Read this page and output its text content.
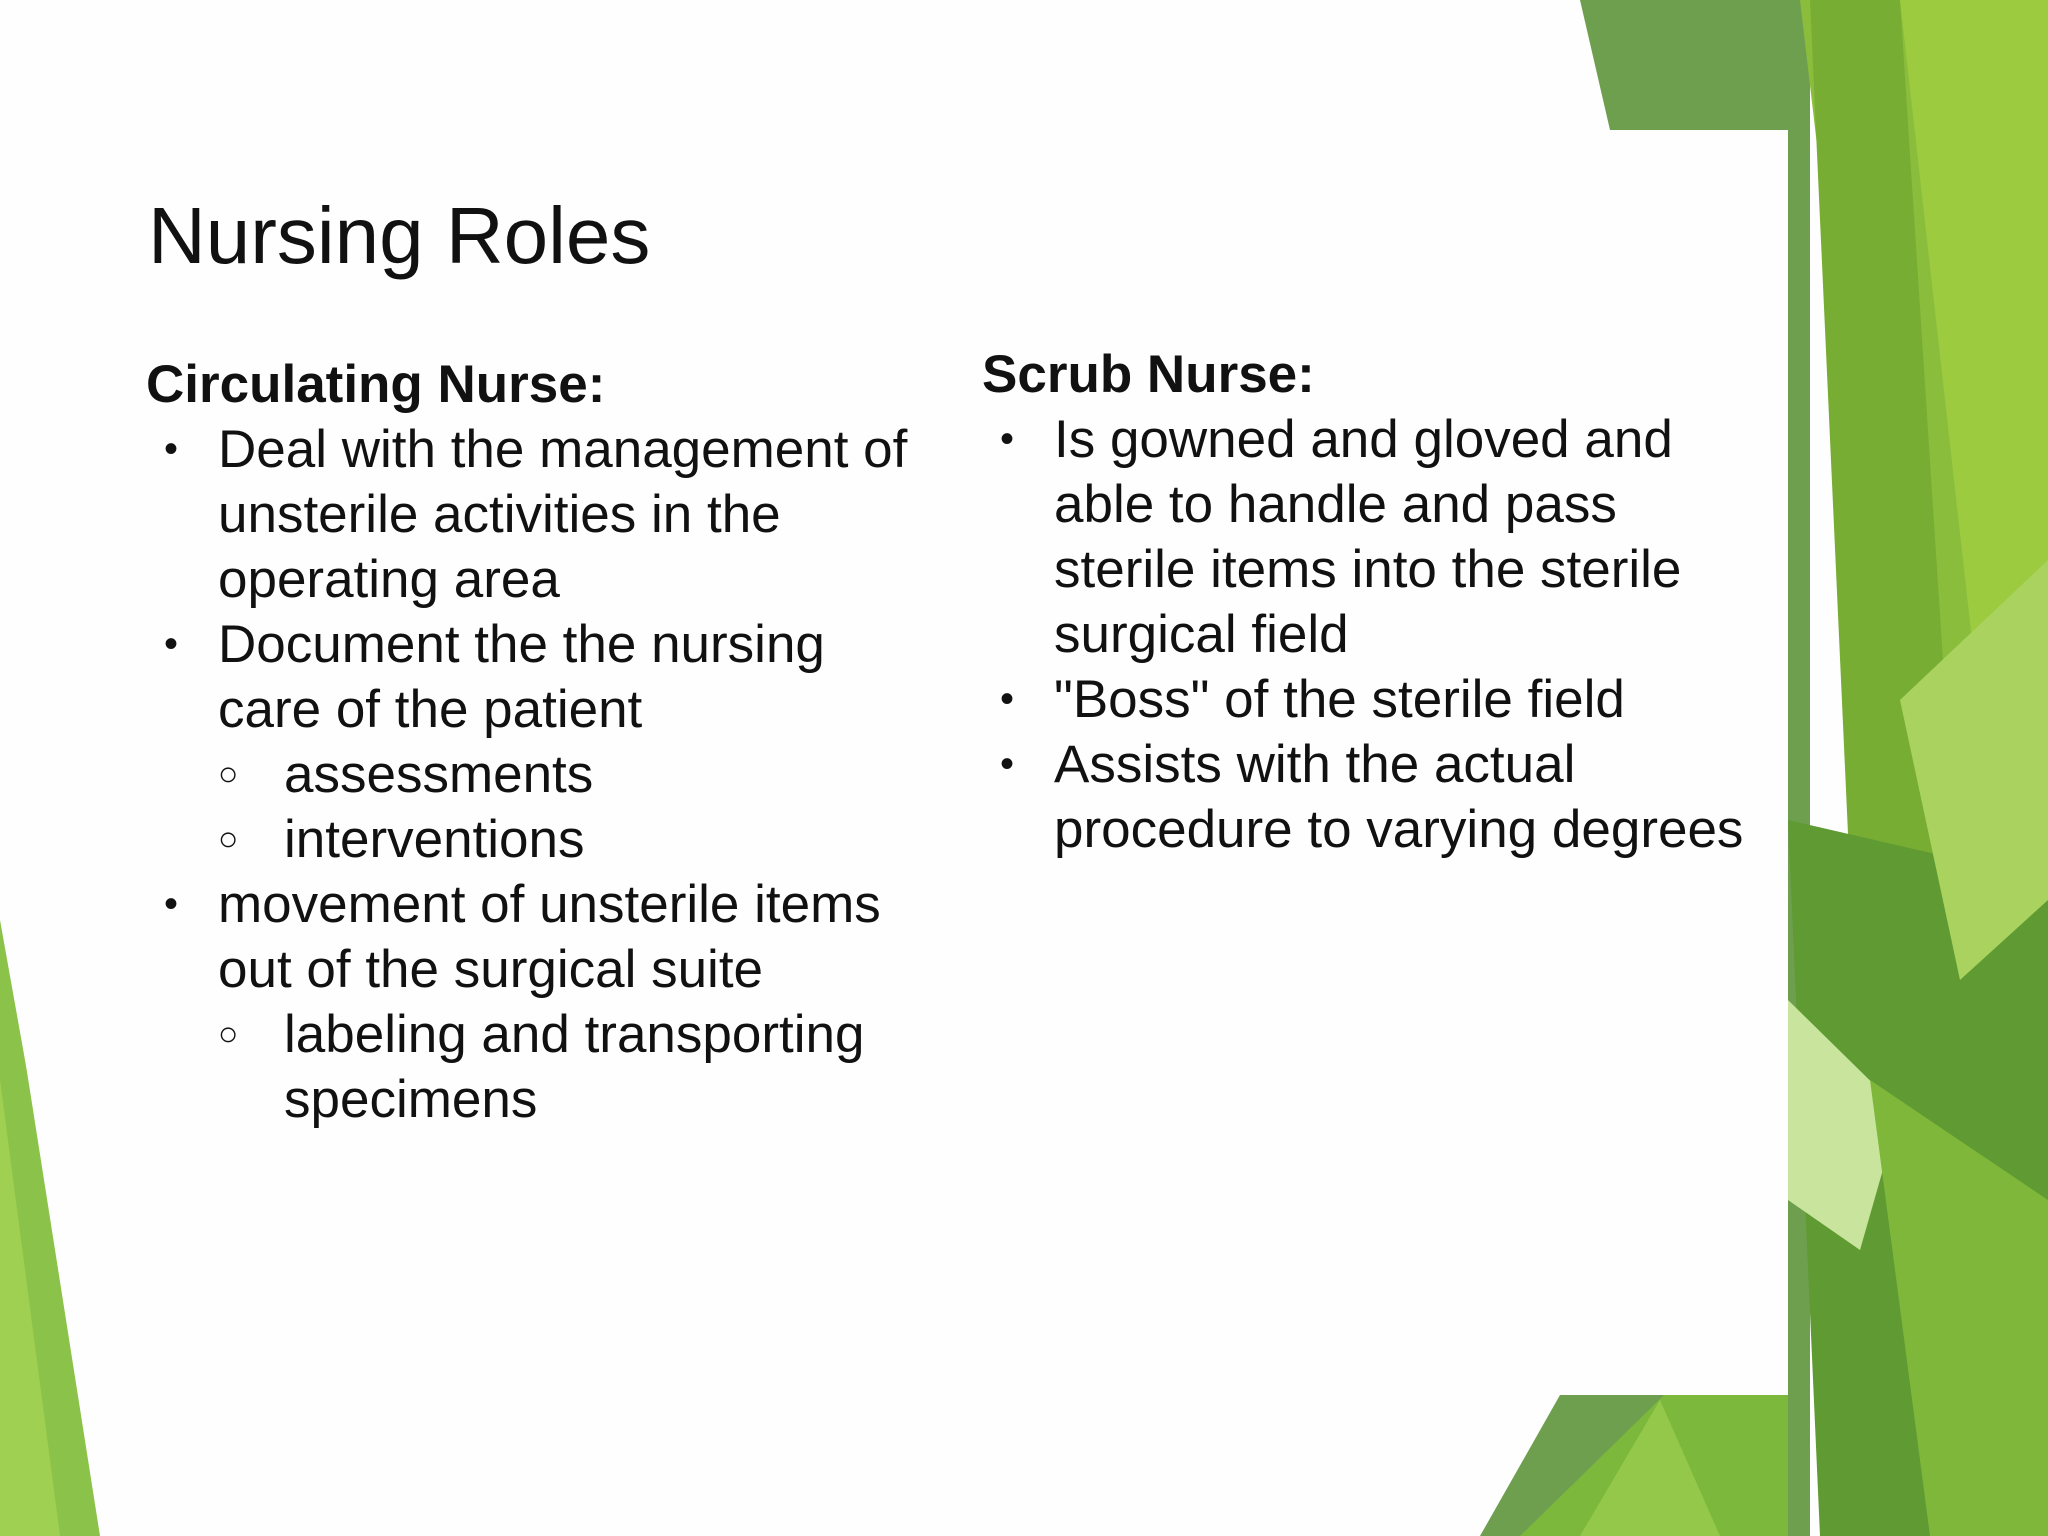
Nursing Roles

Circulating Nurse:

• Deal with the management of unsterile activities in the operating area
• Document the the nursing care of the patient
○ assessments
○ interventions
• movement of unsterile items out of the surgical suite
○ labeling and transporting specimens

Scrub Nurse:

• Is gowned and gloved and able to handle and pass sterile items into the sterile surgical field
• "Boss" of the sterile field
• Assists with the actual procedure to varying degrees
